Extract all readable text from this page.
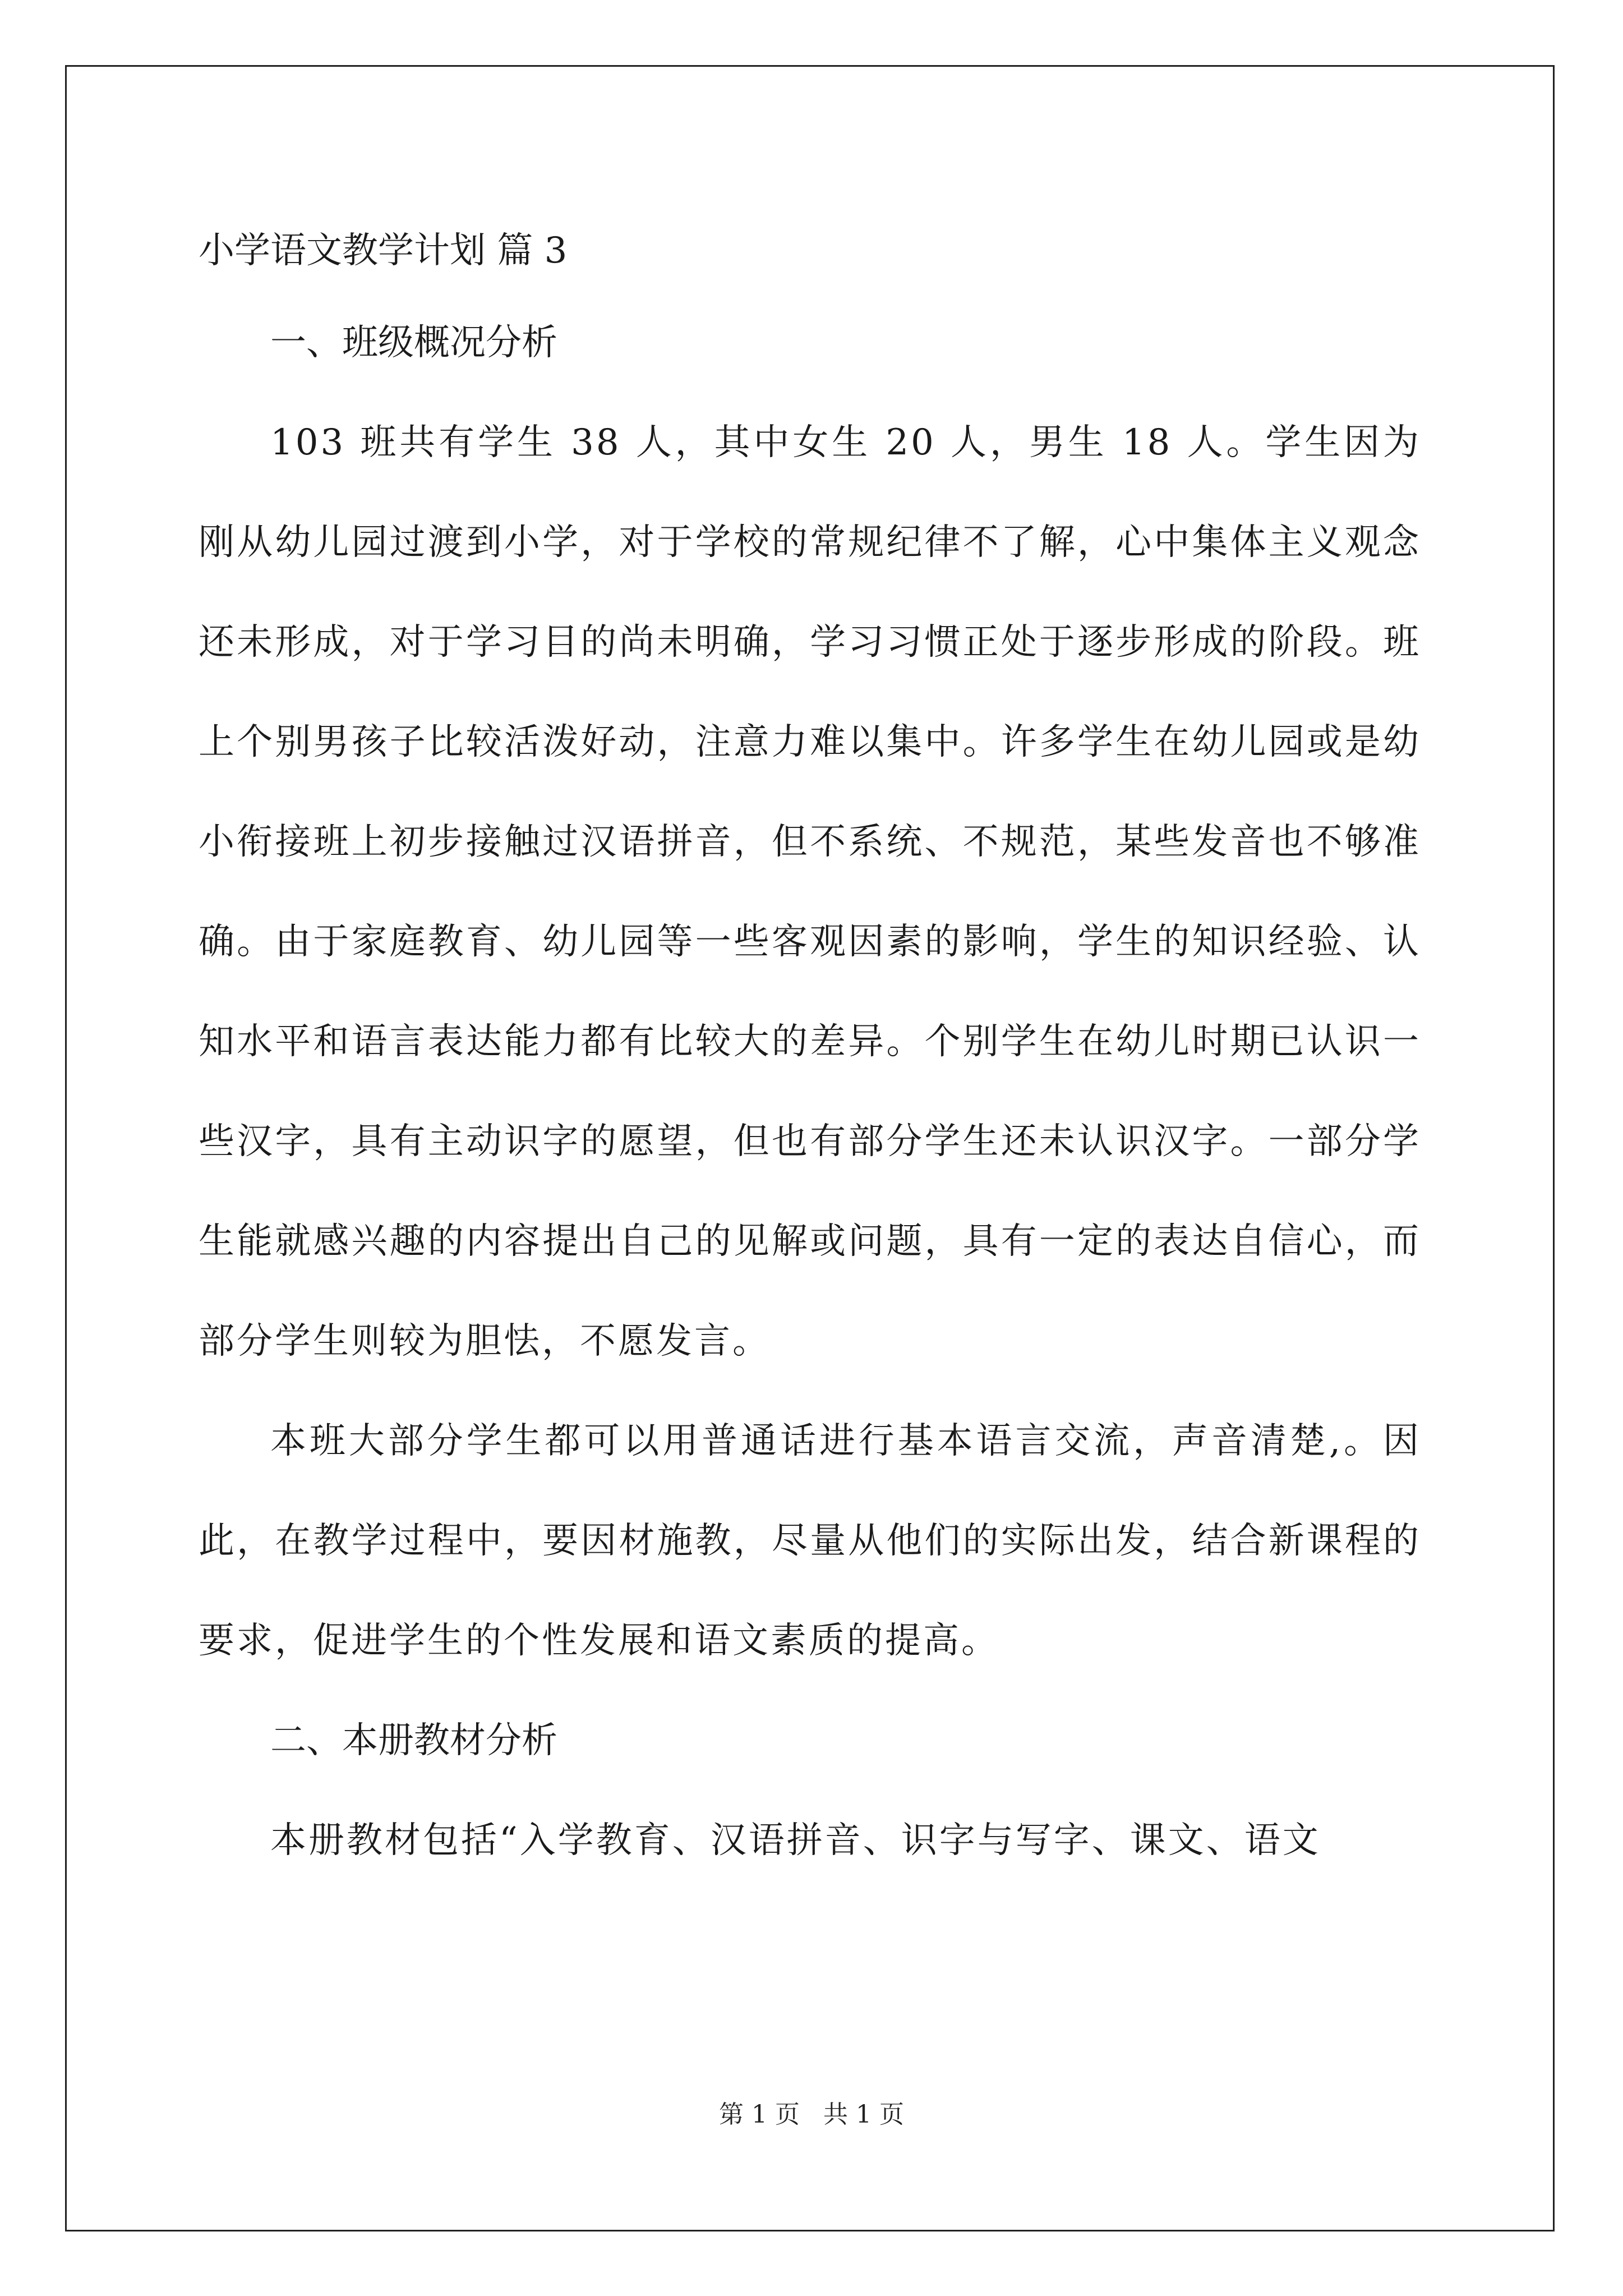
小学语文教学计划 篇 3
一、班级概况分析

103 班共有学生 38 人，其中女生 20 人，男生 18 人。学生因为刚从幼儿园过渡到小学，对于学校的常规纪律不了解，心中集体主义观念还未形成，对于学习目的尚未明确，学习习惯正处于逐步形成的阶段。班上个别男孩子比较活泼好动，注意力难以集中。许多学生在幼儿园或是幼小衔接班上初步接触过汉语拼音，但不系统、不规范，某些发音也不够准确。由于家庭教育、幼儿园等一些客观因素的影响，学生的知识经验、认知水平和语言表达能力都有比较大的差异。个别学生在幼儿时期已认识一些汉字，具有主动识字的愿望，但也有部分学生还未认识汉字。一部分学生能就感兴趣的内容提出自己的见解或问题，具有一定的表达自信心，而部分学生则较为胆怯，不愿发言。

本班大部分学生都可以用普通话进行基本语言交流，声音清楚,。因此，在教学过程中，要因材施教，尽量从他们的实际出发，结合新课程的要求，促进学生的个性发展和语文素质的提高。

二、本册教材分析

本册教材包括“入学教育、汉语拼音、识字与写字、课文、语文

第 1 页   共 1 页
